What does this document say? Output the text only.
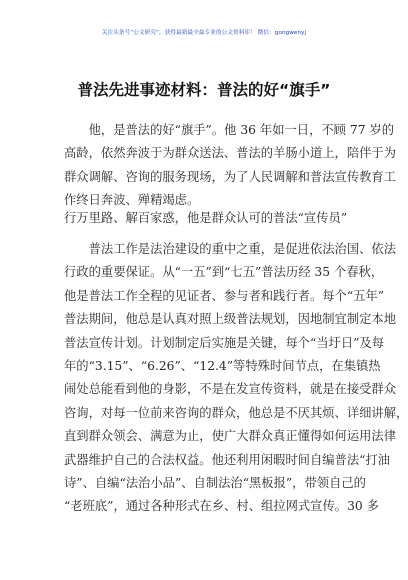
关注头条号“公文研究”，获得最新最全最专业的公文资料库！ 微信：gongwenyj
普法先进事迹材料：普法的好“旗手”
他，是普法的好“旗手”。他 36 年如一日，不顾 77 岁的
高龄，依然奔波于为群众送法、普法的羊肠小道上，陪伴于为
群众调解、咨询的服务现场，为了人民调解和普法宣传教育工
作终日奔波、殚精竭虑。
行万里路、解百家惑，他是群众认可的普法“宣传员”
普法工作是法治建设的重中之重，是促进依法治国、依法
行政的重要保证。从“一五”到“七五”普法历经 35 个春秋，
他是普法工作全程的见证者、参与者和践行者。每个“五年”
普法期间，他总是认真对照上级普法规划，因地制宜制定本地
普法宣传计划。计划制定后实施是关键，每个“当圩日”及每
年的“3.15”、“6.26”、“12.4”等特殊时间节点，在集镇热
闹处总能看到他的身影，不是在发宣传资料，就是在接受群众
咨询，对每一位前来咨询的群众，他总是不厌其烦、详细讲解，
直到群众领会、满意为止，使广大群众真正懂得如何运用法律
武器维护自己的合法权益。他还利用闲暇时间自编普法“打油
诗”、自编“法治小品”、自制法治“黑板报”，带领自己的
“老班底”，通过各种形式在乡、村、组拉网式宣传。30 多
